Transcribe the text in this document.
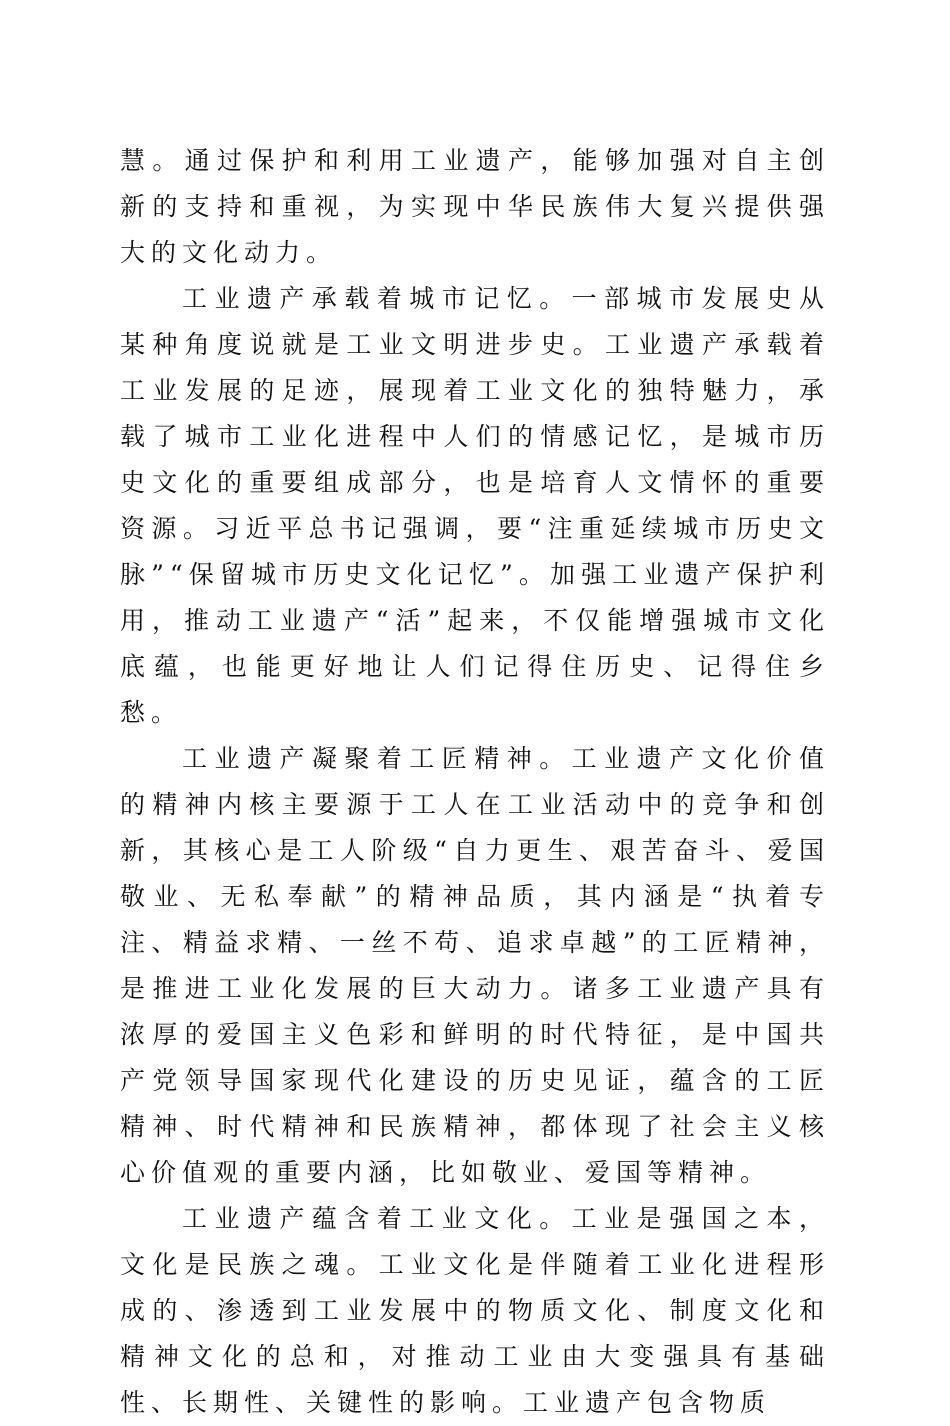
慧。通过保护和利用工业遗产，能够加强对自主创新的支持和重视，为实现中华民族伟大复兴提供强大的文化动力。

工业遗产承载着城市记忆。一部城市发展史从某种角度说就是工业文明进步史。工业遗产承载着工业发展的足迹，展现着工业文化的独特魅力，承载了城市工业化进程中人们的情感记忆，是城市历史文化的重要组成部分，也是培育人文情怀的重要资源。习近平总书记强调，要“注重延续城市历史文脉”“保留城市历史文化记忆”。加强工业遗产保护利用，推动工业遗产“活”起来，不仅能增强城市文化底蕴，也能更好地让人们记得住历史、记得住乡愁。

工业遗产凝聚着工匠精神。工业遗产文化价值的精神内核主要源于工人在工业活动中的竞争和创新，其核心是工人阶级“自力更生、艰苦奋斗、爱国敬业、无私奉献”的精神品质，其内涵是“执着专注、精益求精、一丝不苟、追求卓越”的工匠精神，是推进工业化发展的巨大动力。诸多工业遗产具有浓厚的爱国主义色彩和鲜明的时代特征，是中国共产党领导国家现代化建设的历史见证，蕴含的工匠精神、时代精神和民族精神，都体现了社会主义核心价值观的重要内涵，比如敬业、爱国等精神。

工业遗产蕴含着工业文化。工业是强国之本，文化是民族之魂。工业文化是伴随着工业化进程形成的、渗透到工业发展中的物质文化、制度文化和精神文化的总和，对推动工业由大变强具有基础性、长期性、关键性的影响。工业遗产包含物质
